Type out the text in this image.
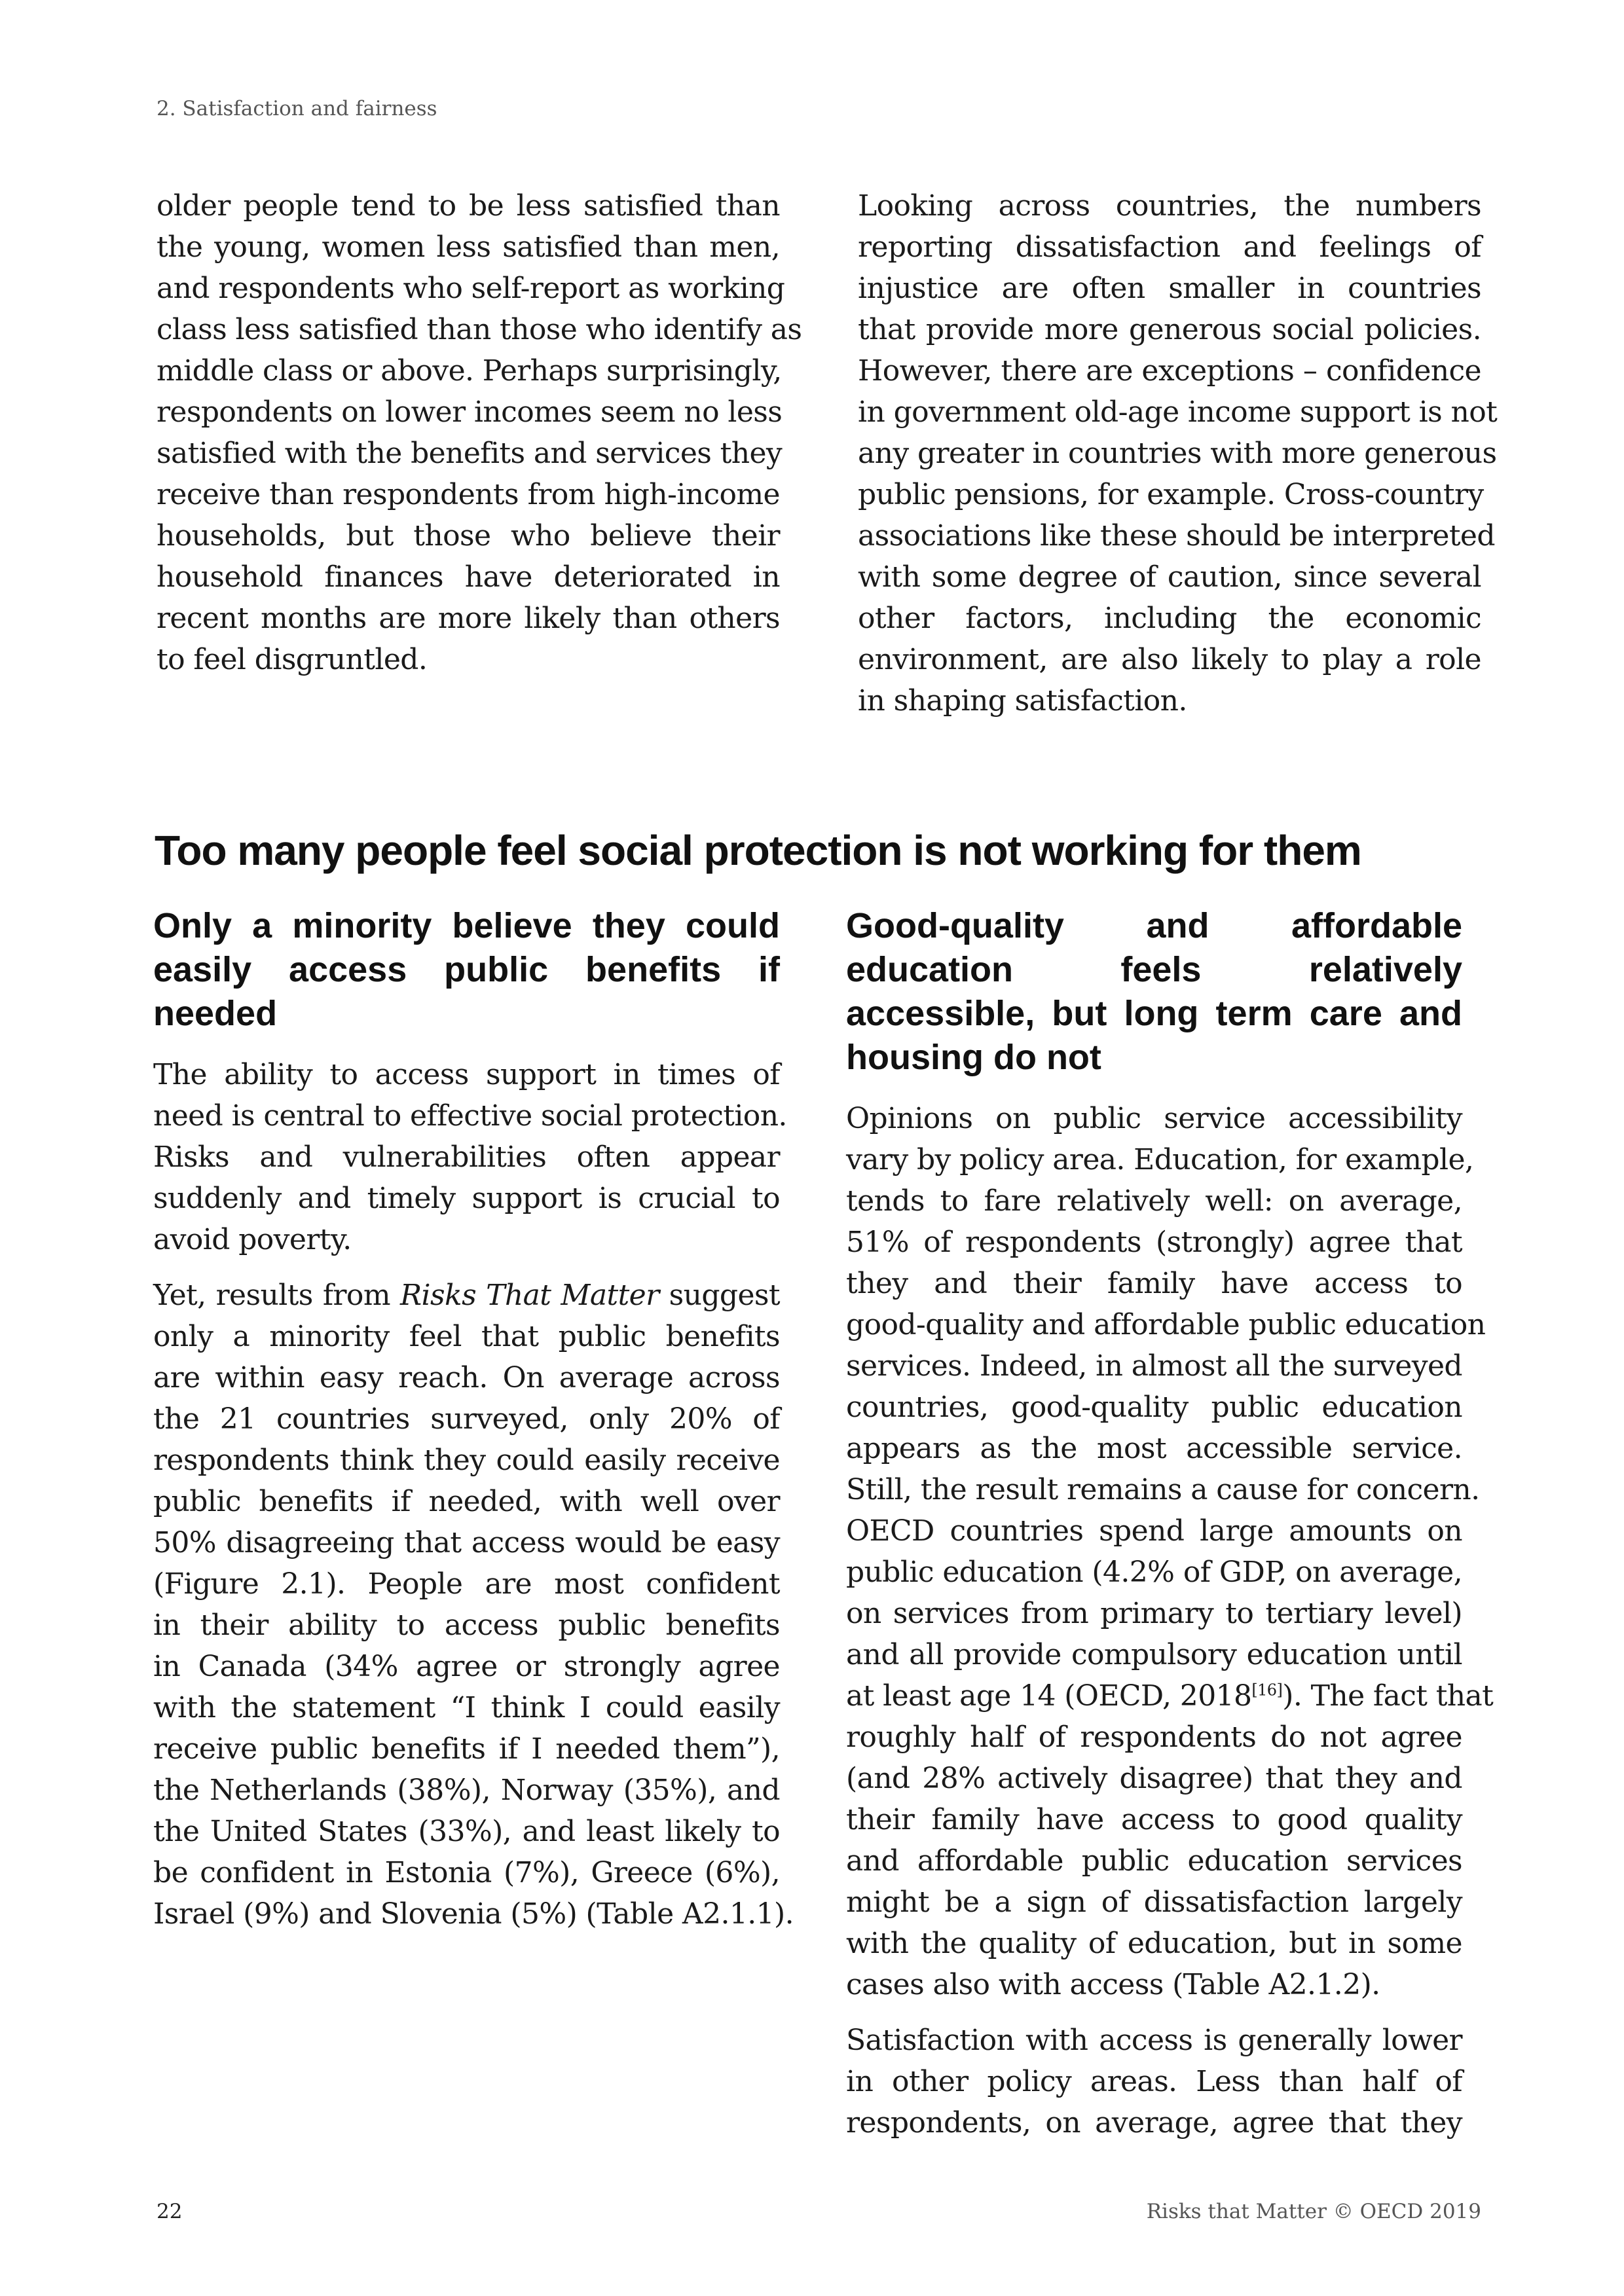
2. Satisfaction and fairness
older people tend to be less satisfied than
the young, women less satisfied than men,
and respondents who self-report as working
class less satisfied than those who identify as
middle class or above. Perhaps surprisingly,
respondents on lower incomes seem no less
satisfied with the benefits and services they
receive than respondents from high-income
households, but those who believe their
household finances have deteriorated in
recent months are more likely than others
to feel disgruntled.
Looking across countries, the numbers
reporting dissatisfaction and feelings of
injustice are often smaller in countries
that provide more generous social policies.
However, there are exceptions – confidence
in government old-age income support is not
any greater in countries with more generous
public pensions, for example. Cross-country
associations like these should be interpreted
with some degree of caution, since several
other factors, including the economic
environment, are also likely to play a role
in shaping satisfaction.
Too many people feel social protection is not working for them
Only a minority believe they could
easily access public benefits if
needed
The ability to access support in times of
need is central to effective social protection.
Risks and vulnerabilities often appear
suddenly and timely support is crucial to
avoid poverty.
Yet, results from Risks That Matter suggest
only a minority feel that public benefits
are within easy reach. On average across
the 21 countries surveyed, only 20% of
respondents think they could easily receive
public benefits if needed, with well over
50% disagreeing that access would be easy
(Figure 2.1). People are most confident
in their ability to access public benefits
in Canada (34% agree or strongly agree
with the statement “I think I could easily
receive public benefits if I needed them”),
the Netherlands (38%), Norway (35%), and
the United States (33%), and least likely to
be confident in Estonia (7%), Greece (6%),
Israel (9%) and Slovenia (5%) (Table A2.1.1).
Good-quality and affordable
education feels relatively
accessible, but long term care and
housing do not
Opinions on public service accessibility
vary by policy area. Education, for example,
tends to fare relatively well: on average,
51% of respondents (strongly) agree that
they and their family have access to
good-quality and affordable public education
services. Indeed, in almost all the surveyed
countries, good-quality public education
appears as the most accessible service.
Still, the result remains a cause for concern.
OECD countries spend large amounts on
public education (4.2% of GDP, on average,
on services from primary to tertiary level)
and all provide compulsory education until
at least age 14 (OECD, 2018[16]). The fact that
roughly half of respondents do not agree
(and 28% actively disagree) that they and
their family have access to good quality
and affordable public education services
might be a sign of dissatisfaction largely
with the quality of education, but in some
cases also with access (Table A2.1.2).
Satisfaction with access is generally lower
in other policy areas. Less than half of
respondents, on average, agree that they
22	Risks that Matter © OECD 2019
